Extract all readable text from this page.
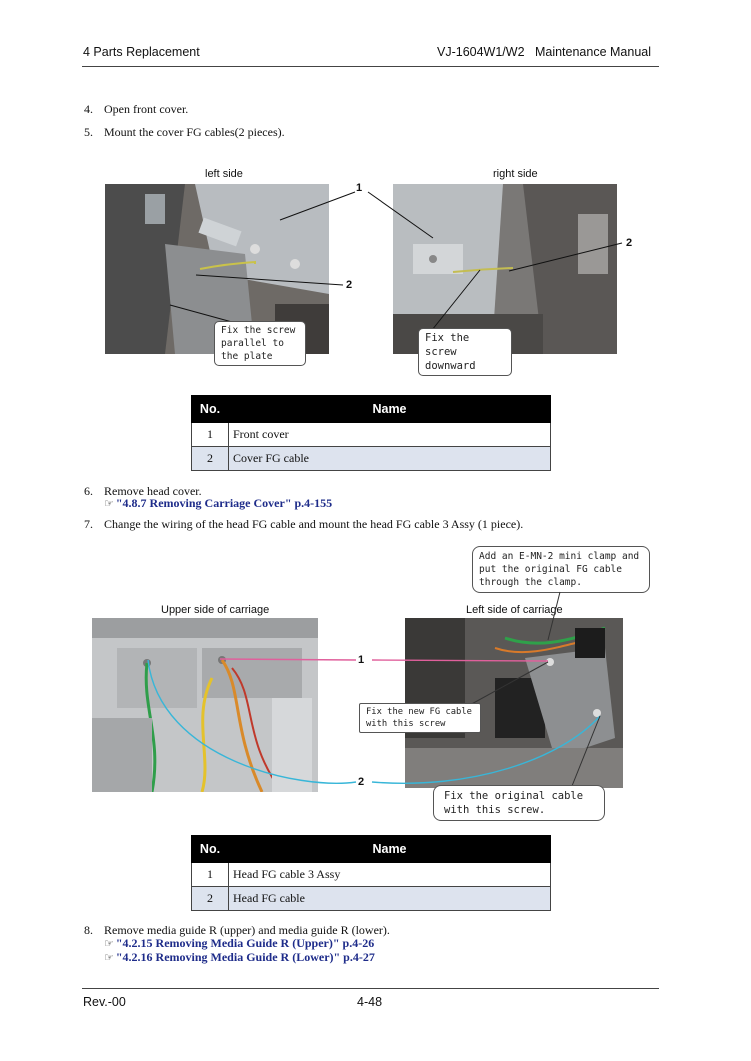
4 Parts Replacement	VJ-1604W1/W2   Maintenance Manual
4. Open front cover.
5. Mount the cover FG cables(2 pieces).
left side	right side
1
2
2
Fix the screw
parallel to
the plate
Fix the screw
downward
No.	Name
1	Front cover
2	Cover FG cable
6. Remove head cover.
☞ "4.8.7 Removing Carriage Cover" p.4-155
7. Change the wiring of the head FG cable and mount the head FG cable 3 Assy (1 piece).
Add an E-MN-2 mini clamp and
put the original FG cable
through the clamp.
Upper side of carriage	Left side of carriage
1
2
Fix the new FG cable
with this screw
Fix the original cable
with this screw.
No.	Name
1	Head FG cable 3 Assy
2	Head FG cable
8. Remove media guide R (upper) and media guide R (lower).
☞ "4.2.15 Removing Media Guide R (Upper)" p.4-26
☞ "4.2.16 Removing Media Guide R (Lower)" p.4-27
Rev.-00	4-48
